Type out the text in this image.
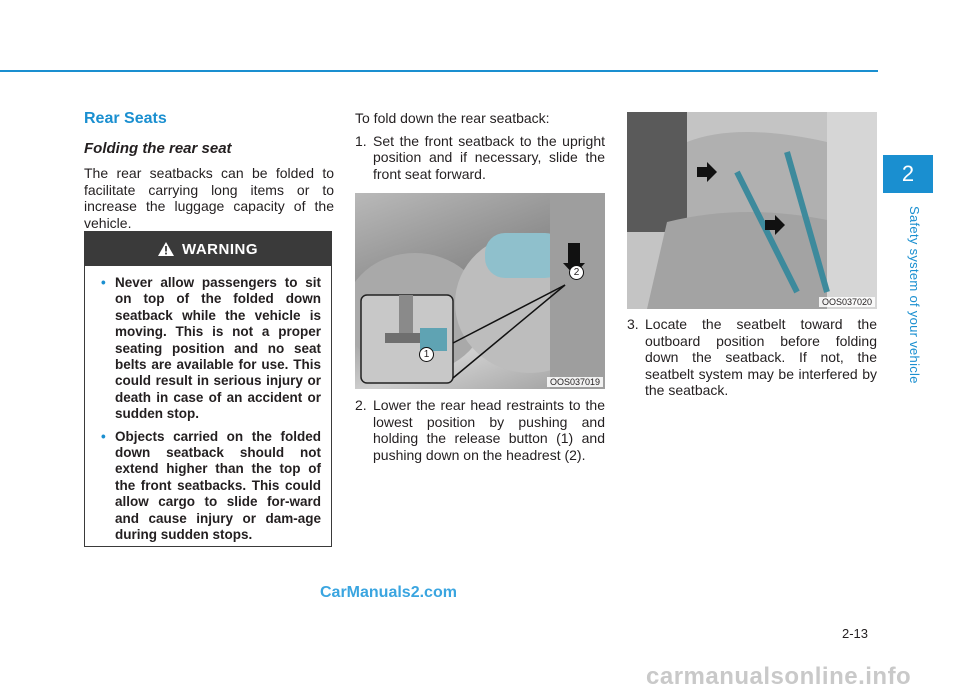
Rear Seats
Folding the rear seat

The rear seatbacks can be folded to facilitate carrying long items or to increase the luggage capacity of the vehicle.

WARNING
• Never allow passengers to sit on top of the folded down seatback while the vehicle is moving. This is not a proper seating position and no seat belts are available for use. This could result in serious injury or death in case of an accident or sudden stop.
• Objects carried on the folded down seatback should not extend higher than the top of the front seatbacks. This could allow cargo to slide for-ward and cause injury or dam-age during sudden stops.

To fold down the rear seatback:

1. Set the front seatback to the upright position and if necessary, slide the front seat forward.

1
2
OOS037019

2. Lower the rear head restraints to the lowest position by pushing and holding the release button (1) and pushing down on the headrest (2).

OOS037020

3. Locate the seatbelt toward the outboard position before folding down the seatback. If not, the seatbelt system may be interfered by the seatback.

2
Safety system of your vehicle
2-13
CarManuals2.com
carmanualsonline.info
